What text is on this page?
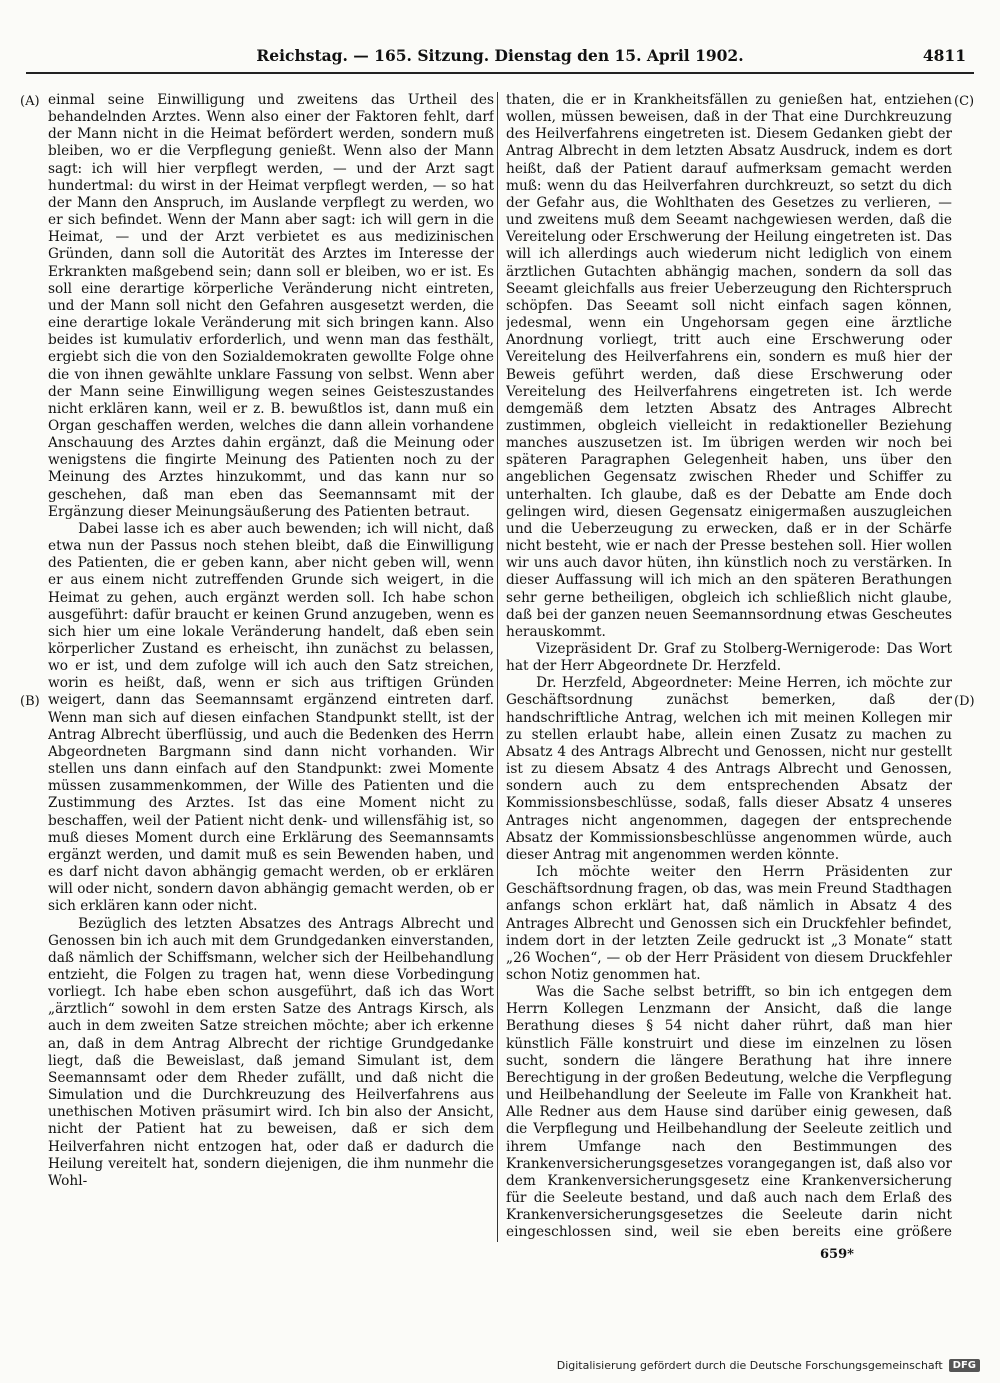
Reichstag. — 165. Sitzung. Dienstag den 15. April 1902.	4811
(A)
(B)
(C)
(D)

einmal seine Einwilligung und zweitens das Urtheil des behandelnden Arztes. Wenn also einer der Faktoren fehlt, darf der Mann nicht in die Heimat befördert werden, sondern muß bleiben, wo er die Verpflegung genießt. Wenn also der Mann sagt: ich will hier verpflegt werden, — und der Arzt sagt hundertmal: du wirst in der Heimat verpflegt werden, — so hat der Mann den Anspruch, im Auslande verpflegt zu werden, wo er sich befindet. Wenn der Mann aber sagt: ich will gern in die Heimat, — und der Arzt verbietet es aus medizinischen Gründen, dann soll die Autorität des Arztes im Interesse der Erkrankten maßgebend sein; dann soll er bleiben, wo er ist. Es soll eine derartige körperliche Veränderung nicht eintreten, und der Mann soll nicht den Gefahren ausgesetzt werden, die eine derartige lokale Veränderung mit sich bringen kann. Also beides ist kumulativ erforderlich, und wenn man das festhält, ergiebt sich die von den Sozialdemokraten gewollte Folge ohne die von ihnen gewählte unklare Fassung von selbst. Wenn aber der Mann seine Einwilligung wegen seines Geisteszustandes nicht erklären kann, weil er z. B. bewußtlos ist, dann muß ein Organ geschaffen werden, welches die dann allein vorhandene Anschauung des Arztes dahin ergänzt, daß die Meinung oder wenigstens die fingirte Meinung des Patienten noch zu der Meinung des Arztes hinzukommt, und das kann nur so geschehen, daß man eben das Seemannsamt mit der Ergänzung dieser Meinungsäußerung des Patienten betraut.

Dabei lasse ich es aber auch bewenden; ich will nicht, daß etwa nun der Passus noch stehen bleibt, daß die Einwilligung des Patienten, die er geben kann, aber nicht geben will, wenn er aus einem nicht zutreffenden Grunde sich weigert, in die Heimat zu gehen, auch ergänzt werden soll. Ich habe schon ausgeführt: dafür braucht er keinen Grund anzugeben, wenn es sich hier um eine lokale Veränderung handelt, daß eben sein körperlicher Zustand es erheischt, ihn zunächst zu belassen, wo er ist, und dem zufolge will ich auch den Satz streichen, worin es heißt, daß, wenn er sich aus triftigen Gründen weigert, dann das Seemannsamt ergänzend eintreten darf. Wenn man sich auf diesen einfachen Standpunkt stellt, ist der Antrag Albrecht überflüssig, und auch die Bedenken des Herrn Abgeordneten Bargmann sind dann nicht vorhanden. Wir stellen uns dann einfach auf den Standpunkt: zwei Momente müssen zusammenkommen, der Wille des Patienten und die Zustimmung des Arztes. Ist das eine Moment nicht zu beschaffen, weil der Patient nicht denk- und willensfähig ist, so muß dieses Moment durch eine Erklärung des Seemannsamts ergänzt werden, und damit muß es sein Bewenden haben, und es darf nicht davon abhängig gemacht werden, ob er erklären will oder nicht, sondern davon abhängig gemacht werden, ob er sich erklären kann oder nicht.

Bezüglich des letzten Absatzes des Antrags Albrecht und Genossen bin ich auch mit dem Grundgedanken einverstanden, daß nämlich der Schiffsmann, welcher sich der Heilbehandlung entzieht, die Folgen zu tragen hat, wenn diese Vorbedingung vorliegt. Ich habe eben schon ausgeführt, daß ich das Wort „ärztlich“ sowohl in dem ersten Satze des Antrags Kirsch, als auch in dem zweiten Satze streichen möchte; aber ich erkenne an, daß in dem Antrag Albrecht der richtige Grundgedanke liegt, daß die Beweislast, daß jemand Simulant ist, dem Seemannsamt oder dem Rheder zufällt, und daß nicht die Simulation und die Durchkreuzung des Heilverfahrens aus unethischen Motiven präsumirt wird. Ich bin also der Ansicht, nicht der Patient hat zu beweisen, daß er sich dem Heilverfahren nicht entzogen hat, oder daß er dadurch die Heilung vereitelt hat, sondern diejenigen, die ihm nunmehr die Wohl-

thaten, die er in Krankheitsfällen zu genießen hat, entziehen wollen, müssen beweisen, daß in der That eine Durchkreuzung des Heilverfahrens eingetreten ist. Diesem Gedanken giebt der Antrag Albrecht in dem letzten Absatz Ausdruck, indem es dort heißt, daß der Patient darauf aufmerksam gemacht werden muß: wenn du das Heilverfahren durchkreuzt, so setzt du dich der Gefahr aus, die Wohlthaten des Gesetzes zu verlieren, — und zweitens muß dem Seeamt nachgewiesen werden, daß die Vereitelung oder Erschwerung der Heilung eingetreten ist. Das will ich allerdings auch wiederum nicht lediglich von einem ärztlichen Gutachten abhängig machen, sondern da soll das Seeamt gleichfalls aus freier Ueberzeugung den Richterspruch schöpfen. Das Seeamt soll nicht einfach sagen können, jedesmal, wenn ein Ungehorsam gegen eine ärztliche Anordnung vorliegt, tritt auch eine Erschwerung oder Vereitelung des Heilverfahrens ein, sondern es muß hier der Beweis geführt werden, daß diese Erschwerung oder Vereitelung des Heilverfahrens eingetreten ist. Ich werde demgemäß dem letzten Absatz des Antrages Albrecht zustimmen, obgleich vielleicht in redaktioneller Beziehung manches auszusetzen ist. Im übrigen werden wir noch bei späteren Paragraphen Gelegenheit haben, uns über den angeblichen Gegensatz zwischen Rheder und Schiffer zu unterhalten. Ich glaube, daß es der Debatte am Ende doch gelingen wird, diesen Gegensatz einigermaßen auszugleichen und die Ueberzeugung zu erwecken, daß er in der Schärfe nicht besteht, wie er nach der Presse bestehen soll. Hier wollen wir uns auch davor hüten, ihn künstlich noch zu verstärken. In dieser Auffassung will ich mich an den späteren Berathungen sehr gerne betheiligen, obgleich ich schließlich nicht glaube, daß bei der ganzen neuen Seemannsordnung etwas Gescheutes herauskommt.

Vizepräsident Dr. Graf zu Stolberg-Wernigerode: Das Wort hat der Herr Abgeordnete Dr. Herzfeld.

Dr. Herzfeld, Abgeordneter: Meine Herren, ich möchte zur Geschäftsordnung zunächst bemerken, daß der handschriftliche Antrag, welchen ich mit meinen Kollegen mir zu stellen erlaubt habe, allein einen Zusatz zu machen zu Absatz 4 des Antrags Albrecht und Genossen, nicht nur gestellt ist zu diesem Absatz 4 des Antrags Albrecht und Genossen, sondern auch zu dem entsprechenden Absatz der Kommissionsbeschlüsse, sodaß, falls dieser Absatz 4 unseres Antrages nicht angenommen, dagegen der entsprechende Absatz der Kommissionsbeschlüsse angenommen würde, auch dieser Antrag mit angenommen werden könnte.

Ich möchte weiter den Herrn Präsidenten zur Geschäftsordnung fragen, ob das, was mein Freund Stadthagen anfangs schon erklärt hat, daß nämlich in Absatz 4 des Antrages Albrecht und Genossen sich ein Druckfehler befindet, indem dort in der letzten Zeile gedruckt ist „3 Monate“ statt „26 Wochen“, — ob der Herr Präsident von diesem Druckfehler schon Notiz genommen hat.

Was die Sache selbst betrifft, so bin ich entgegen dem Herrn Kollegen Lenzmann der Ansicht, daß die lange Berathung dieses § 54 nicht daher rührt, daß man hier künstlich Fälle konstruirt und diese im einzelnen zu lösen sucht, sondern die längere Berathung hat ihre innere Berechtigung in der großen Bedeutung, welche die Verpflegung und Heilbehandlung der Seeleute im Falle von Krankheit hat. Alle Redner aus dem Hause sind darüber einig gewesen, daß die Verpflegung und Heilbehandlung der Seeleute zeitlich und ihrem Umfange nach den Bestimmungen des Krankenversicherungsgesetzes vorangegangen ist, daß also vor dem Krankenversicherungsgesetz eine Krankenversicherung für die Seeleute bestand, und daß auch nach dem Erlaß des Krankenversicherungsgesetzes die Seeleute darin nicht eingeschlossen sind, weil sie eben bereits eine größere

659*
Digitalisierung gefördert durch die Deutsche Forschungsgemeinschaft	DFG
